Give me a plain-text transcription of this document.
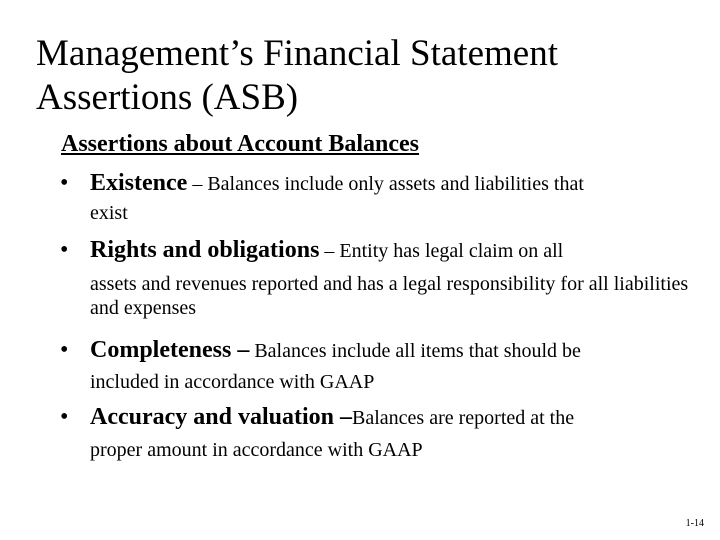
Management’s Financial Statement Assertions (ASB)
Assertions about Account Balances
• Existence – Balances include only assets and liabilities that
exist
• Rights and obligations – Entity has legal claim on all
assets and revenues reported and has a legal responsibility for all liabilities and expenses
• Completeness – Balances include all items that should be
included in accordance with GAAP
• Accuracy and valuation –Balances are reported at the
proper amount in accordance with GAAP
1-14
